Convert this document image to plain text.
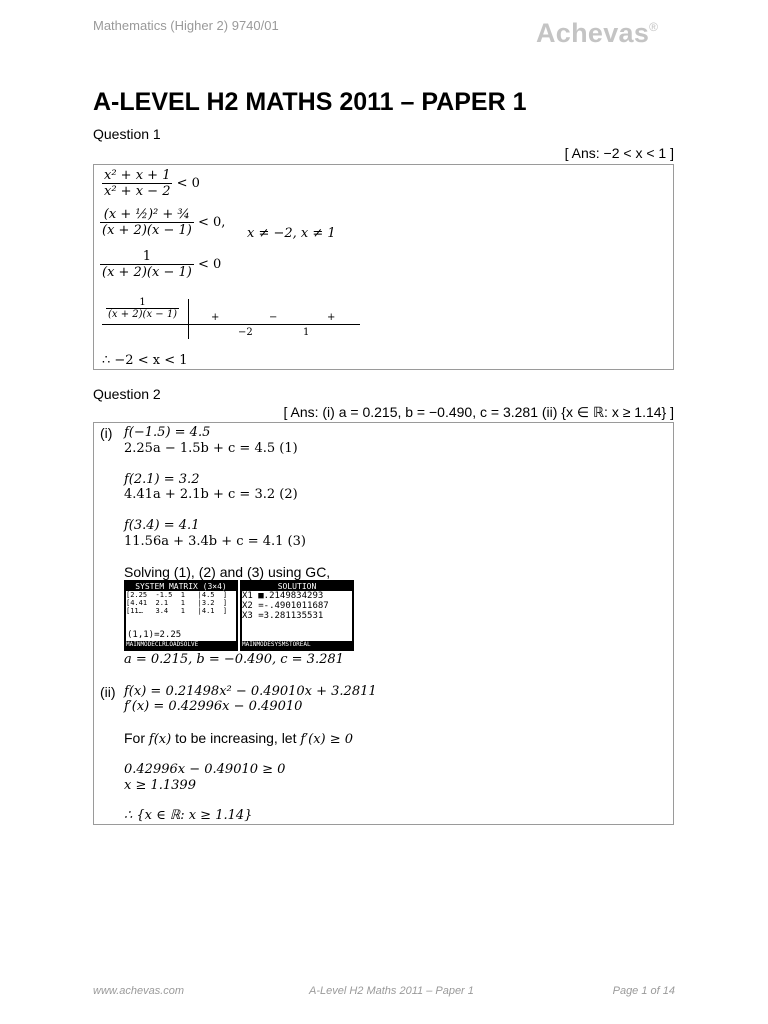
Mathematics (Higher 2) 9740/01	Achevas®
A-LEVEL H2 MATHS 2011 – PAPER 1
Question 1
[ Ans: −2 < x < 1 ]
$\frac{\text{x² + x + 1}}{\text{x² + x − 2}} < 0$
$\frac{\text{(x + ½)² + ¾}}{(x + 2)(x - 1)} < 0$,
x ≠ −2, x ≠ 1
$\frac{1}{(x + 2)(x - 1)} < 0$
$\frac{1}{(x + 2)(x - 1)}$	+	−	+
−2	1
∴ −2 < x < 1
Question 2
[ Ans: (i) a = 0.215, b = −0.490, c = 3.281 (ii) {x ∈ ℝ: x ≥ 1.14} ]
(i) f(−1.5) = 4.5
2.25a − 1.5b + c = 4.5 (1)
f(2.1) = 3.2
4.41a + 2.1b + c = 3.2 (2)
f(3.4) = 4.1
11.56a + 3.4b + c = 4.1 (3)
Solving (1), (2) and (3) using GC,
SYSTEM MATRIX (3×4)
[2.25  -1.5  1   |4.5  ]
[4.41  2.1   1   |3.2  ]
[11…   3.4   1   |4.1  ]
(1,1)=2.25
MAINMODECLRLOADSOLVE
SOLUTION
X1 ■.2149834293
X2 =-.4901011687
X3 =3.281135531
MAINMODESYSMSTOREAL
a = 0.215, b = −0.490, c = 3.281
(ii) f(x) = 0.21498x² − 0.49010x + 3.2811
f′(x) = 0.42996x − 0.49010
For f(x) to be increasing, let f′(x) ≥ 0
0.42996x − 0.49010 ≥ 0
x ≥ 1.1399
∴ {x ∈ ℝ: x ≥ 1.14}
www.achevas.com	A-Level H2 Maths 2011 – Paper 1	Page 1 of 14
